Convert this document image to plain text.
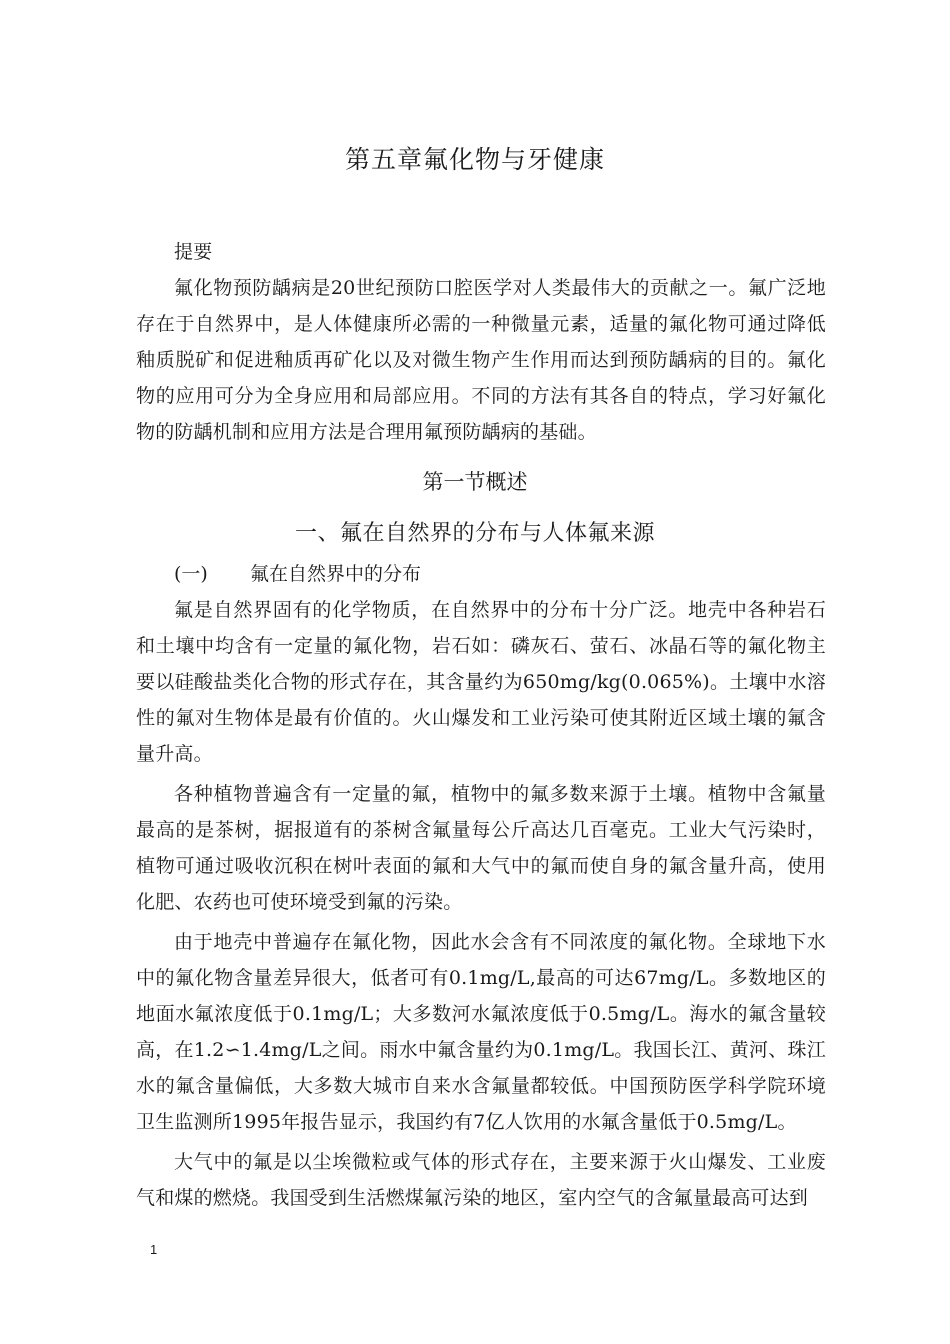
第五章氟化物与牙健康

提要

氟化物预防龋病是20世纪预防口腔医学对人类最伟大的贡献之一。氟广泛地存在于自然界中，是人体健康所必需的一种微量元素，适量的氟化物可通过降低釉质脱矿和促进釉质再矿化以及对微生物产生作用而达到预防龋病的目的。氟化物的应用可分为全身应用和局部应用。不同的方法有其各自的特点，学习好氟化物的防龋机制和应用方法是合理用氟预防龋病的基础。

第一节概述
一、氟在自然界的分布与人体氟来源
(一) 氟在自然界中的分布

氟是自然界固有的化学物质，在自然界中的分布十分广泛。地壳中各种岩石和土壤中均含有一定量的氟化物，岩石如：磷灰石、萤石、冰晶石等的氟化物主要以硅酸盐类化合物的形式存在，其含量约为650mg/kg(0.065%)。土壤中水溶性的氟对生物体是最有价值的。火山爆发和工业污染可使其附近区域土壤的氟含量升高。

各种植物普遍含有一定量的氟，植物中的氟多数来源于土壤。植物中含氟量最高的是茶树，据报道有的茶树含氟量每公斤高达几百毫克。工业大气污染时，植物可通过吸收沉积在树叶表面的氟和大气中的氟而使自身的氟含量升高，使用化肥、农药也可使环境受到氟的污染。

由于地壳中普遍存在氟化物，因此水会含有不同浓度的氟化物。全球地下水中的氟化物含量差异很大，低者可有0.1mg/L,最高的可达67mg/L。多数地区的地面水氟浓度低于0.1mg/L；大多数河水氟浓度低于0.5mg/L。海水的氟含量较高，在1.2∽1.4mg/L之间。雨水中氟含量约为0.1mg/L。我国长江、黄河、珠江水的氟含量偏低，大多数大城市自来水含氟量都较低。中国预防医学科学院环境卫生监测所1995年报告显示，我国约有7亿人饮用的水氟含量低于0.5mg/L。

大气中的氟是以尘埃微粒或气体的形式存在，主要来源于火山爆发、工业废气和煤的燃烧。我国受到生活燃煤氟污染的地区，室内空气的含氟量最高可达到

1
